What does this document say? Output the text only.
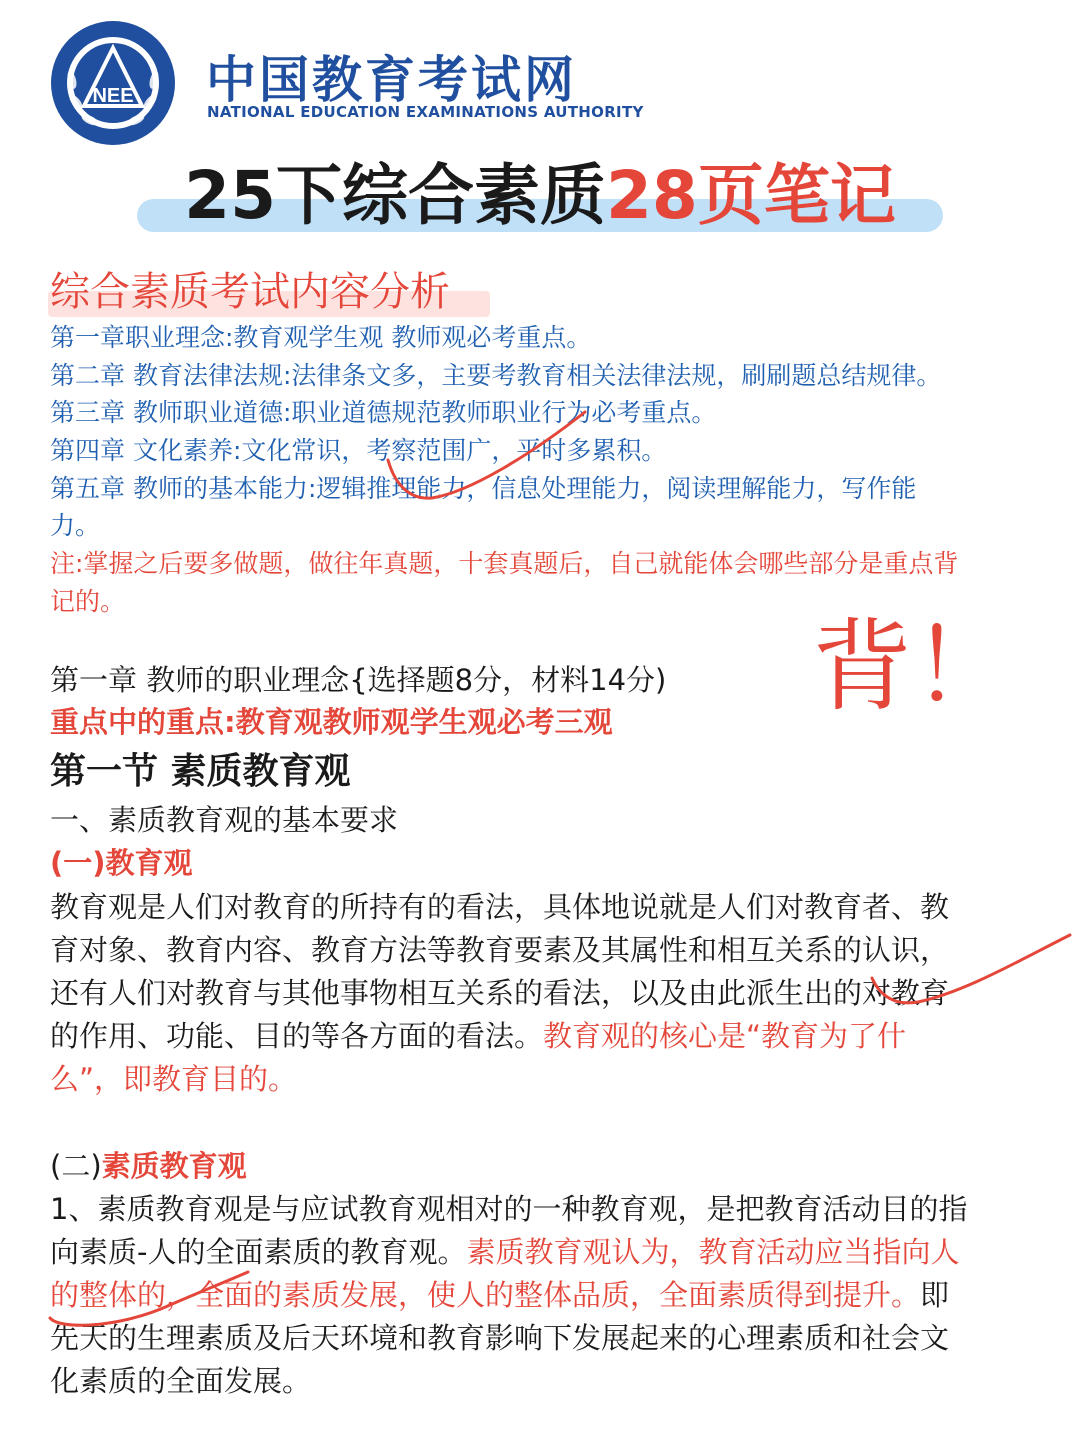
NEE 中国教育考试网
NATIONAL EDUCATION EXAMINATIONS AUTHORITY
25下综合素质28页笔记
综合素质考试内容分析
第一章职业理念:教育观学生观 教师观必考重点。
第二章 教育法律法规:法律条文多，主要考教育相关法律法规，刷刷题总结规律。
第三章 教师职业道德:职业道德规范教师职业行为必考重点。
第四章 文化素养:文化常识，考察范围广，平时多累积。
第五章 教师的基本能力:逻辑推理能力，信息处理能力，阅读理解能力，写作能
力。
注:掌握之后要多做题，做往年真题，十套真题后，自己就能体会哪些部分是重点背
记的。
背！
第一章 教师的职业理念{选择题8分，材料14分)
重点中的重点:教育观教师观学生观必考三观
第一节 素质教育观
一、素质教育观的基本要求
(一)教育观
教育观是人们对教育的所持有的看法，具体地说就是人们对教育者、教
育对象、教育内容、教育方法等教育要素及其属性和相互关系的认识，
还有人们对教育与其他事物相互关系的看法，以及由此派生出的对教育
的作用、功能、目的等各方面的看法。教育观的核心是“教育为了什
么”，即教育目的。
(二)素质教育观
1、素质教育观是与应试教育观相对的一种教育观，是把教育活动目的指
向素质-人的全面素质的教育观。素质教育观认为，教育活动应当指向人
的整体的，全面的素质发展，使人的整体品质，全面素质得到提升。即
先天的生理素质及后天环境和教育影响下发展起来的心理素质和社会文
化素质的全面发展。
